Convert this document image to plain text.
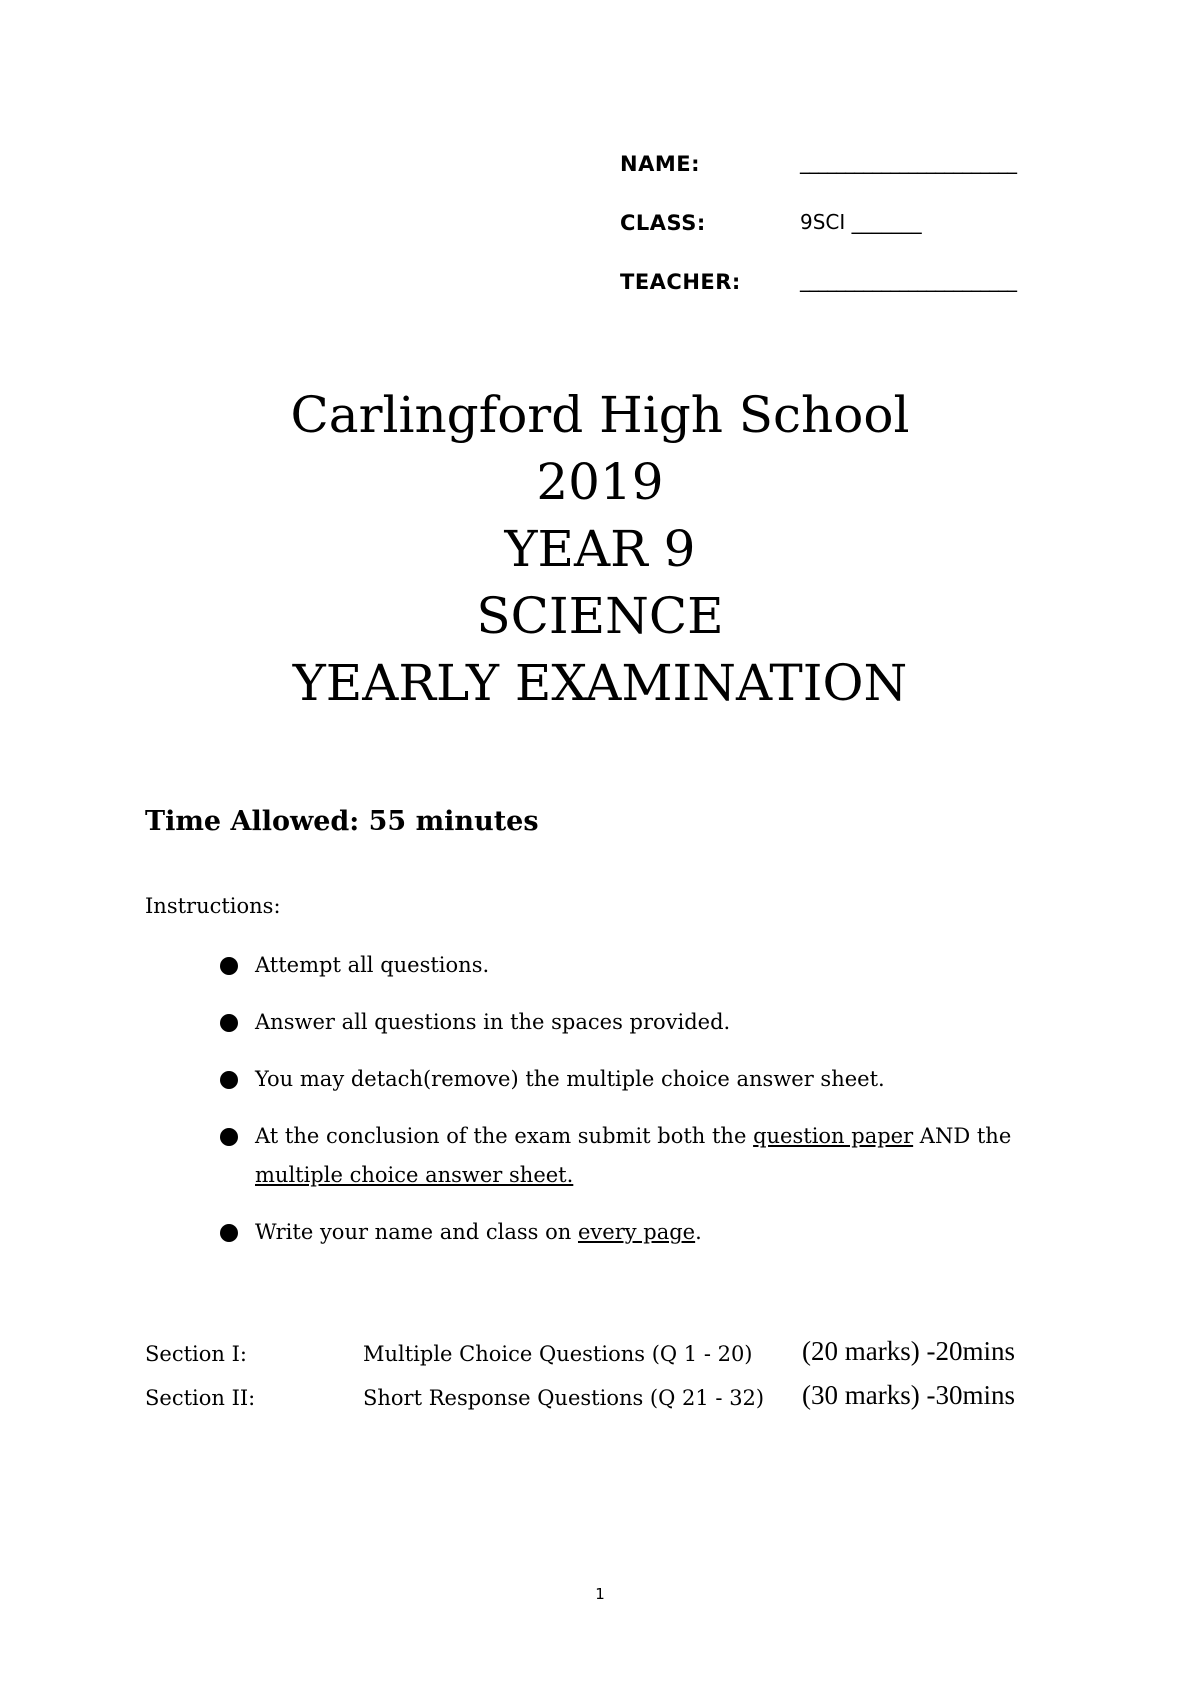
NAME:	________________________
CLASS:	9SCI _______
TEACHER:	________________________
Carlingford High School
2019
YEAR 9
SCIENCE
YEARLY EXAMINATION
Time Allowed: 55 minutes
Instructions:
Attempt all questions.
Answer all questions in the spaces provided.
You may detach(remove) the multiple choice answer sheet.
At the conclusion of the exam submit both the question paper AND the multiple choice answer sheet.
Write your name and class on every page.
Section I:	Multiple Choice Questions (Q 1 - 20) (20 marks) -20mins
Section II:	Short Response Questions (Q 21 - 32) (30 marks) -30mins
1
